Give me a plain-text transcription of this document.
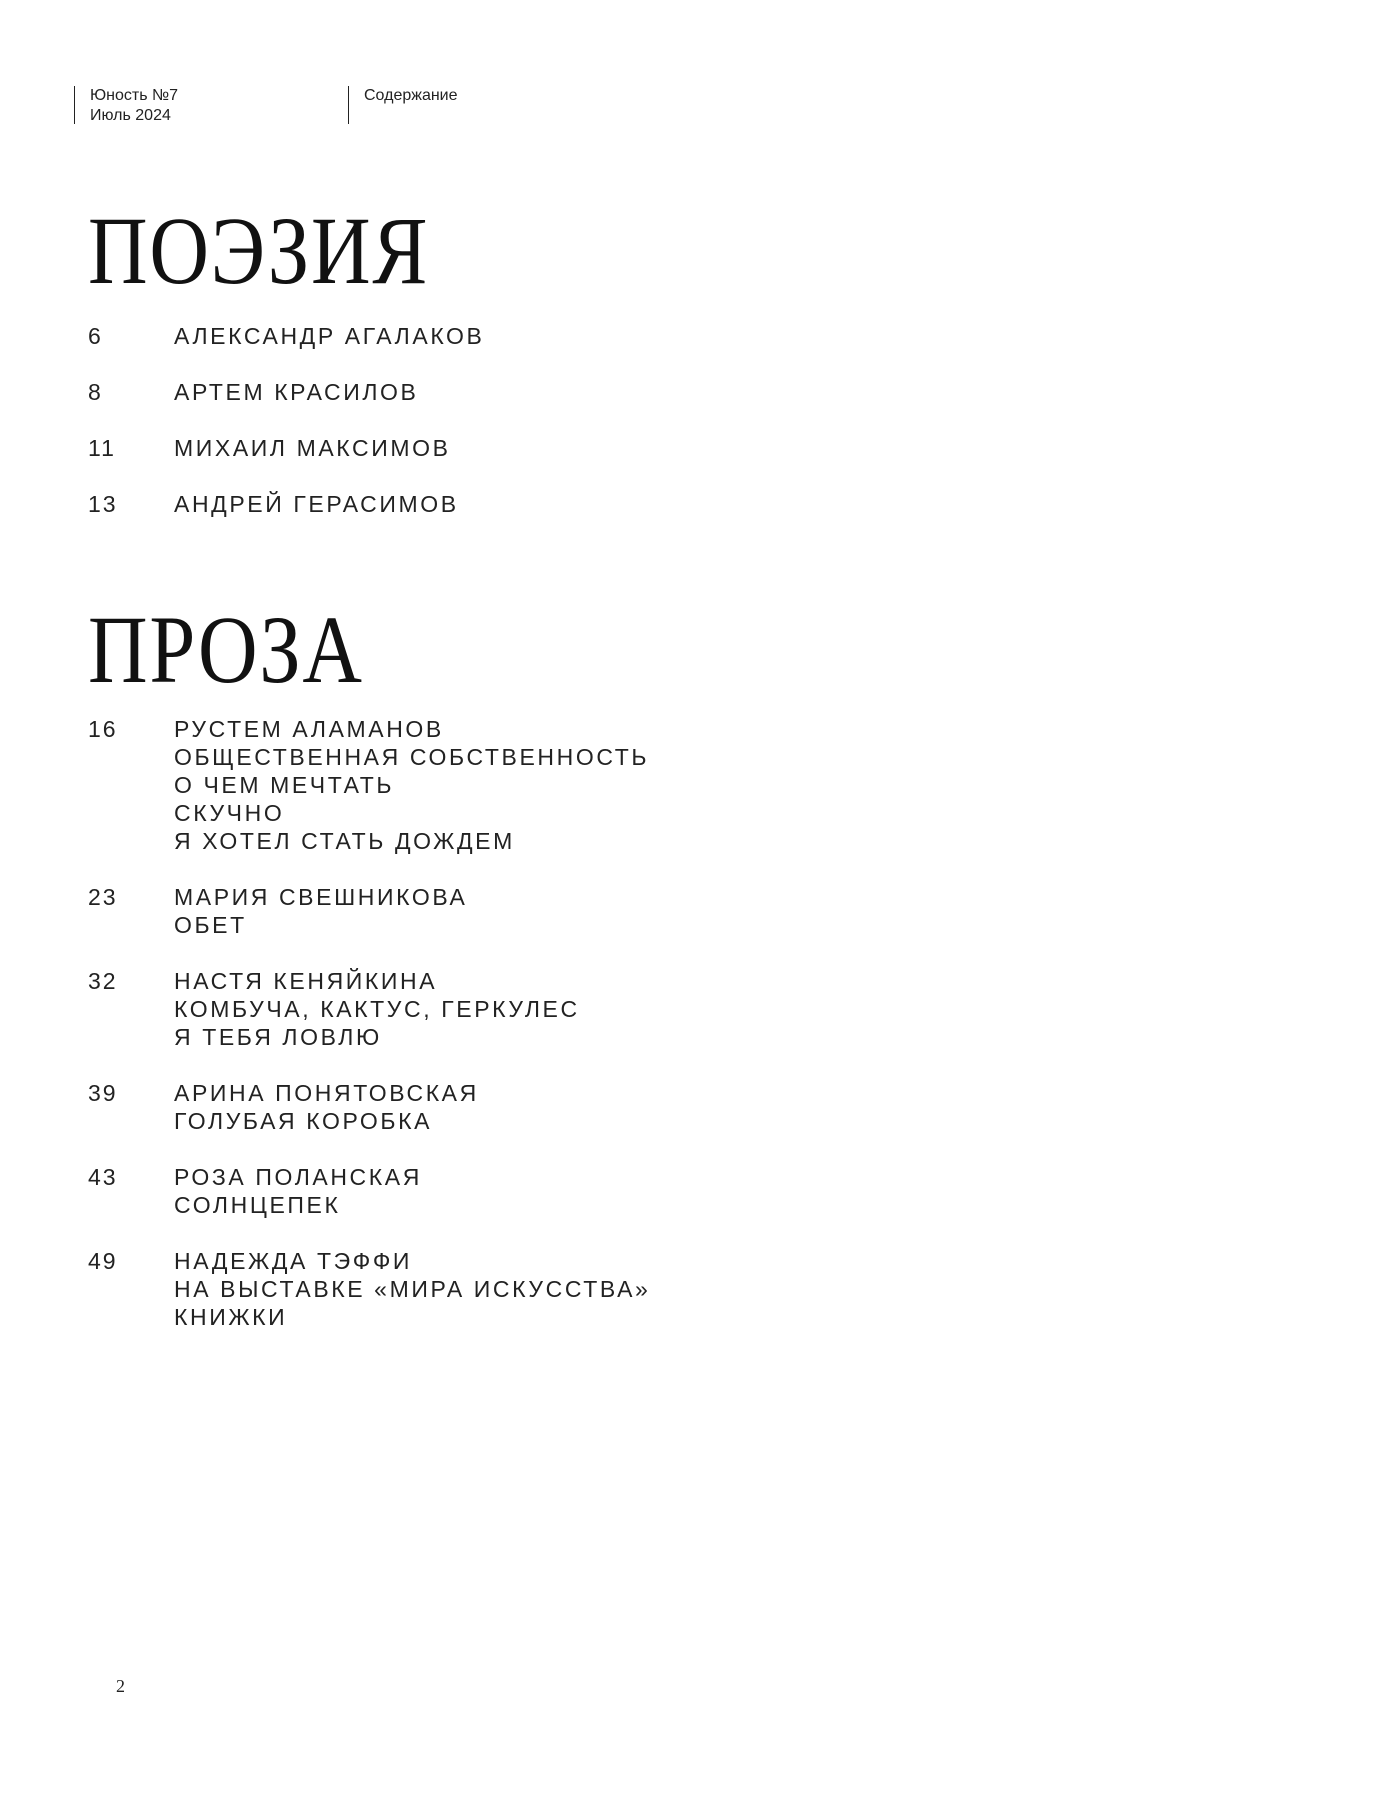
Юность №7
Июль 2024
Содержание
ПОЭЗИЯ
6	АЛЕКСАНДР АГАЛАКОВ
8	АРТЕМ КРАСИЛОВ
11	МИХАИЛ МАКСИМОВ
13	АНДРЕЙ ГЕРАСИМОВ
ПРОЗА
16	РУСТЕМ АЛАМАНОВ
ОБЩЕСТВЕННАЯ СОБСТВЕННОСТЬ
О ЧЕМ МЕЧТАТЬ
СКУЧНО
Я ХОТЕЛ СТАТЬ ДОЖДЕМ
23	МАРИЯ СВЕШНИКОВА
ОБЕТ
32	НАСТЯ КЕНЯЙКИНА
КОМБУЧА, КАКТУС, ГЕРКУЛЕС
Я ТЕБЯ ЛОВЛЮ
39	АРИНА ПОНЯТОВСКАЯ
ГОЛУБАЯ КОРОБКА
43	РОЗА ПОЛАНСКАЯ
СОЛНЦЕПЕК
49	НАДЕЖДА ТЭФФИ
НА ВЫСТАВКЕ «МИРА ИСКУССТВА»
КНИЖКИ
2
